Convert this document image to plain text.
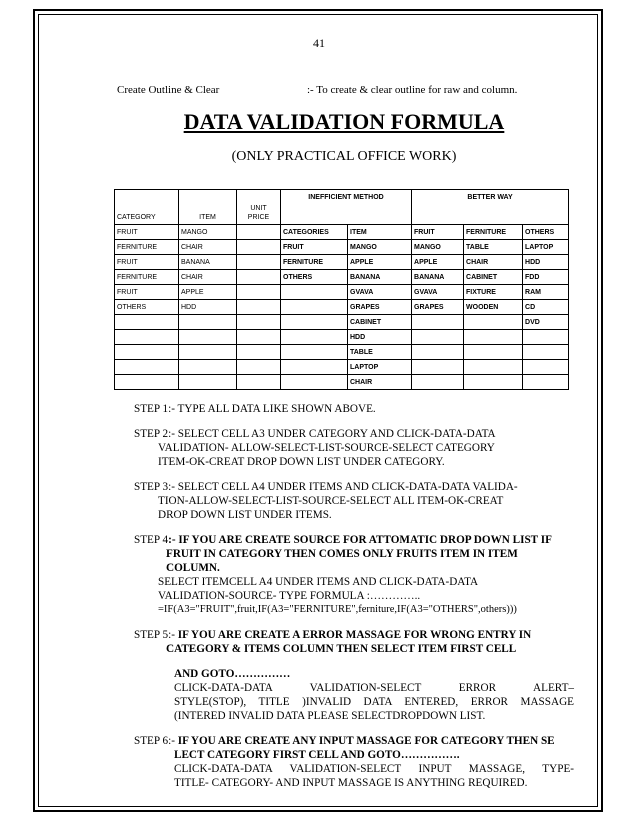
41
Create Outline & Clear	:- To create & clear outline for raw and column.
DATA VALIDATION FORMULA
(ONLY PRACTICAL OFFICE WORK)
CATEGORY	ITEM	UNIT PRICE	INEFFICIENT METHOD		BETTER WAY		
FRUIT	MANGO		CATEGORIES	ITEM	FRUIT	FERNITURE	OTHERS
FERNITURE	CHAIR		FRUIT	MANGO	MANGO	TABLE	LAPTOP
FRUIT	BANANA		FERNITURE	APPLE	APPLE	CHAIR	HDD
FERNITURE	CHAIR		OTHERS	BANANA	BANANA	CABINET	FDD
FRUIT	APPLE			GVAVA	GVAVA	FIXTURE	RAM
OTHERS	HDD			GRAPES	GRAPES	WOODEN	CD
				CABINET			DVD
				HDD			
				TABLE			
				LAPTOP			
				CHAIR			

STEP 1:- TYPE ALL DATA LIKE SHOWN ABOVE.

STEP 2:- SELECT CELL A3 UNDER CATEGORY AND CLICK-DATA-DATA

VALIDATION- ALLOW-SELECT-LIST-SOURCE-SELECT CATEGORY

ITEM-OK-CREAT DROP DOWN LIST UNDER CATEGORY.

STEP 3:- SELECT CELL A4 UNDER ITEMS AND CLICK-DATA-DATA VALIDA-

TION-ALLOW-SELECT-LIST-SOURCE-SELECT ALL ITEM-OK-CREAT

DROP DOWN LIST UNDER ITEMS.

STEP 4:- IF YOU ARE CREATE SOURCE FOR ATTOMATIC DROP DOWN LIST IF

FRUIT IN CATEGORY THEN COMES ONLY FRUITS ITEM IN ITEM

COLUMN.

SELECT ITEMCELL A4 UNDER ITEMS AND CLICK-DATA-DATA

VALIDATION-SOURCE- TYPE FORMULA :…………..

=IF(A3="FRUIT",fruit,IF(A3="FERNITURE",ferniture,IF(A3="OTHERS",others)))

STEP 5:- IF YOU ARE CREATE A ERROR MASSAGE FOR WRONG ENTRY IN

CATEGORY & ITEMS COLUMN THEN SELECT ITEM FIRST CELL

AND GOTO……………

CLICK-DATA-DATA VALIDATION-SELECT ERROR ALERT–

STYLE(STOP), TITLE )INVALID DATA ENTERED, ERROR MASSAGE

(INTERED INVALID DATA PLEASE SELECTDROPDOWN LIST.

STEP 6:- IF YOU ARE CREATE ANY INPUT MASSAGE FOR CATEGORY THEN SE

LECT CATEGORY FIRST CELL AND GOTO…………….

CLICK-DATA-DATA VALIDATION-SELECT INPUT MASSAGE, TYPE-

TITLE- CATEGORY- AND INPUT MASSAGE IS ANYTHING REQUIRED.
